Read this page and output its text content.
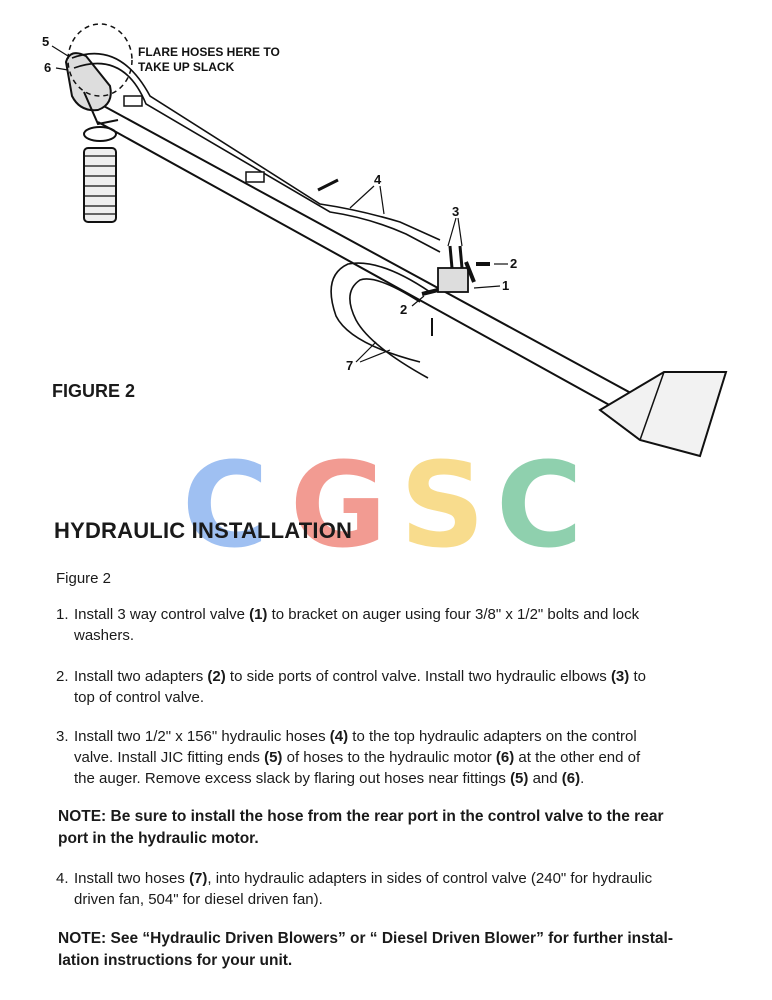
FLARE HOSES HERE TO
TAKE UP SLACK
5
6
4
3
2
1
2
7
FIGURE 2
C G S C
HYDRAULIC INSTALLATION
Figure 2
1. Install 3 way control valve (1) to bracket on auger using four 3/8" x 1/2" bolts and lock
washers.
2. Install two adapters (2) to side ports of control valve. Install two hydraulic elbows (3) to
top of control valve.
3. Install two 1/2" x 156" hydraulic hoses (4) to the top hydraulic adapters on the control
valve. Install JIC fitting ends (5) of hoses to the hydraulic motor (6) at the other end of
the auger. Remove excess slack by flaring out hoses near fittings (5) and (6).
NOTE: Be sure to install the hose from the rear port in the control valve to the rear
port in the hydraulic motor.
4. Install two hoses (7), into hydraulic adapters in sides of control valve (240" for hydraulic
driven fan, 504" for diesel driven fan).
NOTE: See “Hydraulic Driven Blowers” or “ Diesel Driven Blower” for further instal-
lation instructions for your unit.
